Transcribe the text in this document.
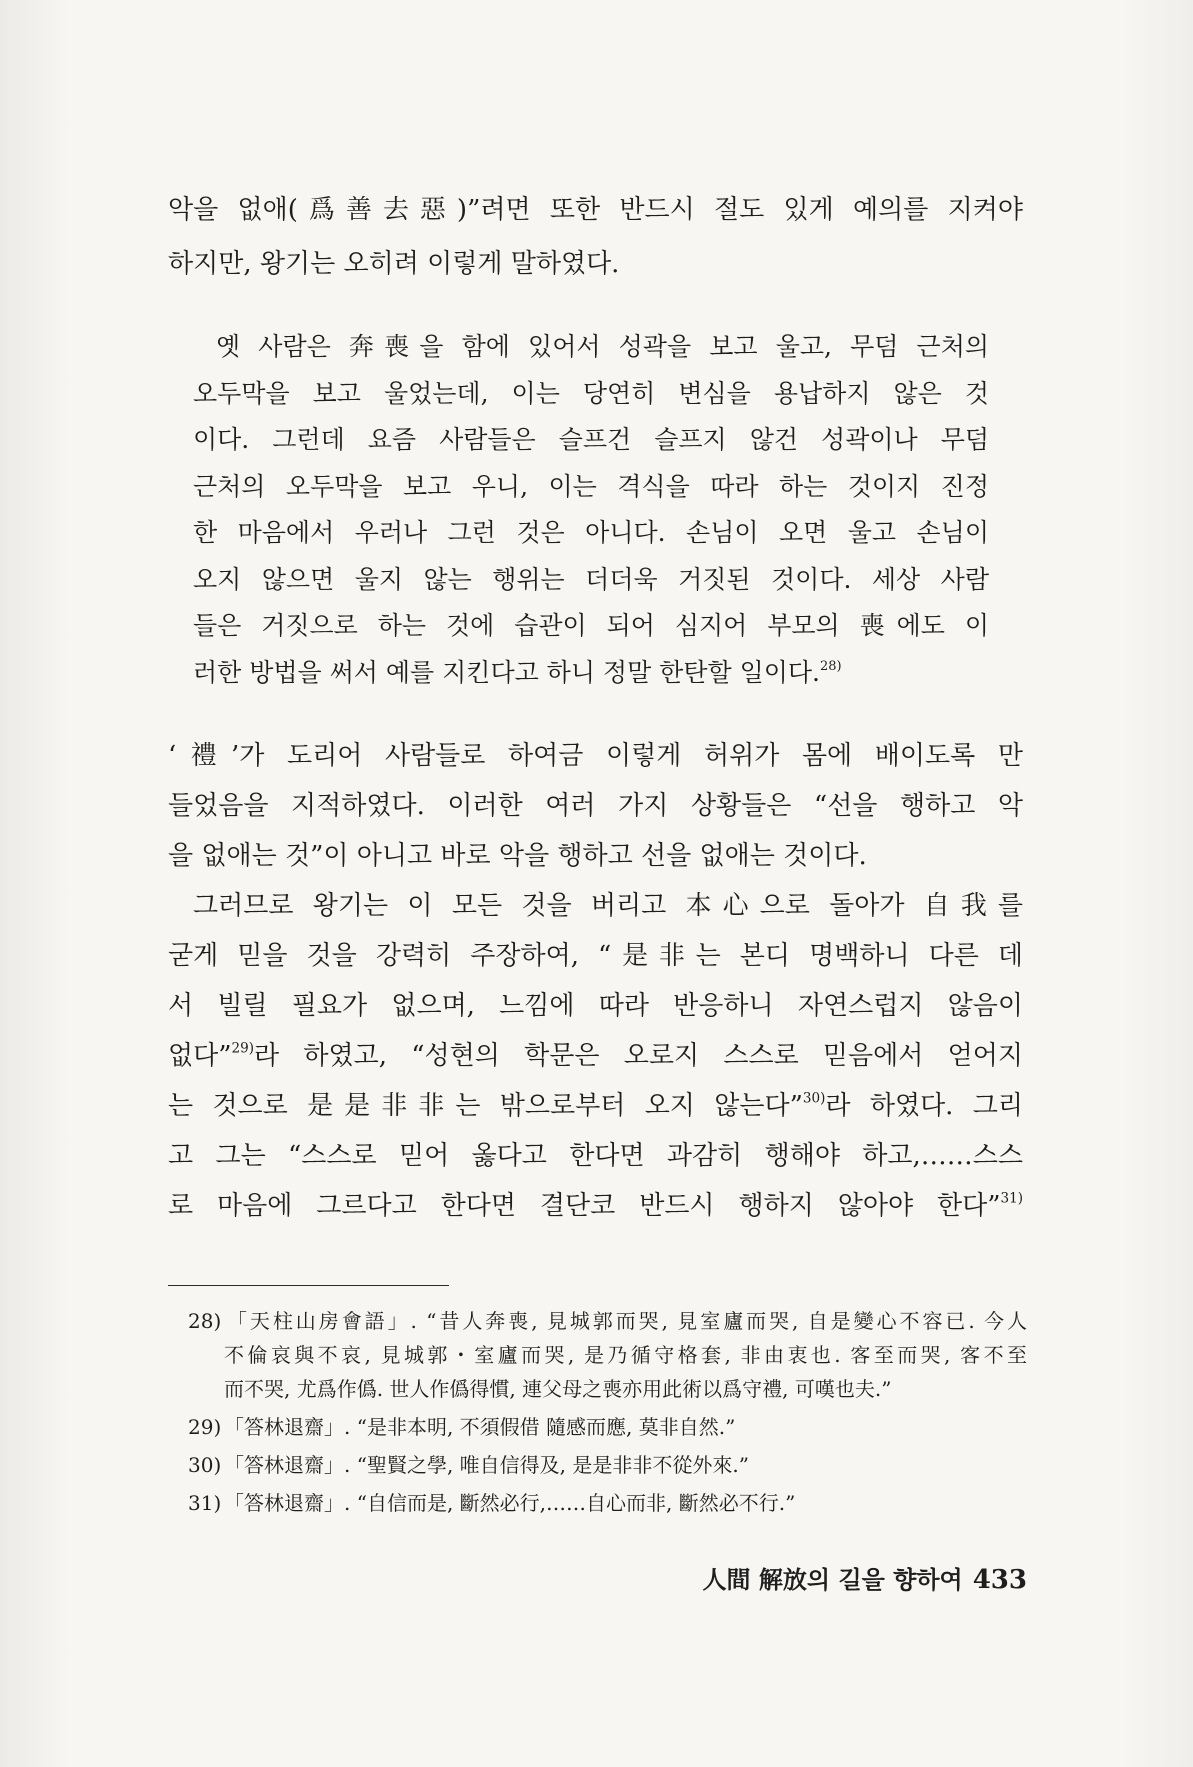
악을 없애(爲善去惡)”려면 또한 반드시 절도 있게 예의를 지켜야
하지만, 왕기는 오히려 이렇게 말하였다.
옛 사람은 奔喪을 함에 있어서 성곽을 보고 울고, 무덤 근처의
오두막을 보고 울었는데, 이는 당연히 변심을 용납하지 않은 것
이다. 그런데 요즘 사람들은 슬프건 슬프지 않건 성곽이나 무덤
근처의 오두막을 보고 우니, 이는 격식을 따라 하는 것이지 진정
한 마음에서 우러나 그런 것은 아니다. 손님이 오면 울고 손님이
오지 않으면 울지 않는 행위는 더더욱 거짓된 것이다. 세상 사람
들은 거짓으로 하는 것에 습관이 되어 심지어 부모의 喪에도 이
러한 방법을 써서 예를 지킨다고 하니 정말 한탄할 일이다.$^{28)}$
‘禮’가 도리어 사람들로 하여금 이렇게 허위가 몸에 배이도록 만
들었음을 지적하였다. 이러한 여러 가지 상황들은 “선을 행하고 악
을 없애는 것”이 아니고 바로 악을 행하고 선을 없애는 것이다.
그러므로 왕기는 이 모든 것을 버리고 本心으로 돌아가 自我를
굳게 믿을 것을 강력히 주장하여, “是非는 본디 명백하니 다른 데
서 빌릴 필요가 없으며, 느낌에 따라 반응하니 자연스럽지 않음이
없다”$^{29)}$라 하였고, “성현의 학문은 오로지 스스로 믿음에서 얻어지
는 것으로 是是非非는 밖으로부터 오지 않는다”$^{30)}$라 하였다. 그리
고 그는 “스스로 믿어 옳다고 한다면 과감히 행해야 하고,……스스
로 마음에 그르다고 한다면 결단코 반드시 행하지 않아야 한다”$^{31)}$
28) 「天柱山房會語」. “昔人奔喪, 見城郭而哭, 見室廬而哭, 自是變心不容已. 今人
不倫哀與不哀, 見城郭・室廬而哭, 是乃循守格套, 非由衷也. 客至而哭, 客不至
而不哭, 尤爲作僞. 世人作僞得慣, 連父母之喪亦用此術以爲守禮, 可嘆也夫.”
29) 「答林退齋」. “是非本明, 不須假借 隨感而應, 莫非自然.”
30) 「答林退齋」. “聖賢之學, 唯自信得及, 是是非非不從外來.”
31) 「答林退齋」. “自信而是, 斷然必行,……自心而非, 斷然必不行.”
人間 解放의 길을 향하여 433
